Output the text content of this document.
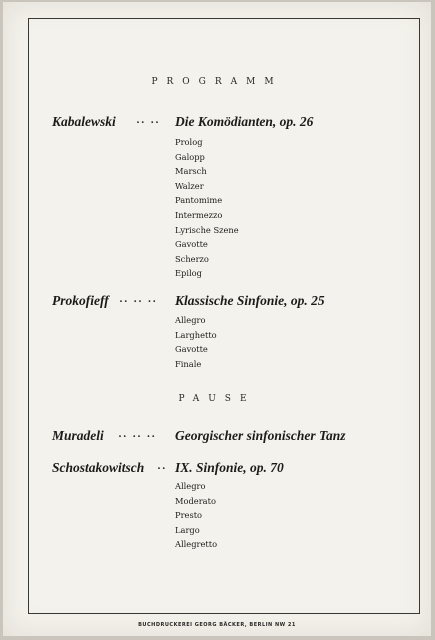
PROGRAMM
Kabalewski .. .. Die Komödianten, op. 26
Prolog
Galopp
Marsch
Walzer
Pantomime
Intermezzo
Lyrische Szene
Gavotte
Scherzo
Epilog
Prokofieff .. .. .. Klassische Sinfonie, op. 25
Allegro
Larghetto
Gavotte
Finale
PAUSE
Muradeli .. .. .. Georgischer sinfonischer Tanz
Schostakowitsch .. IX. Sinfonie, op. 70
Allegro
Moderato
Presto
Largo
Allegretto
BUCHDRUCKEREI GEORG BÄCKER, BERLIN NW 21
